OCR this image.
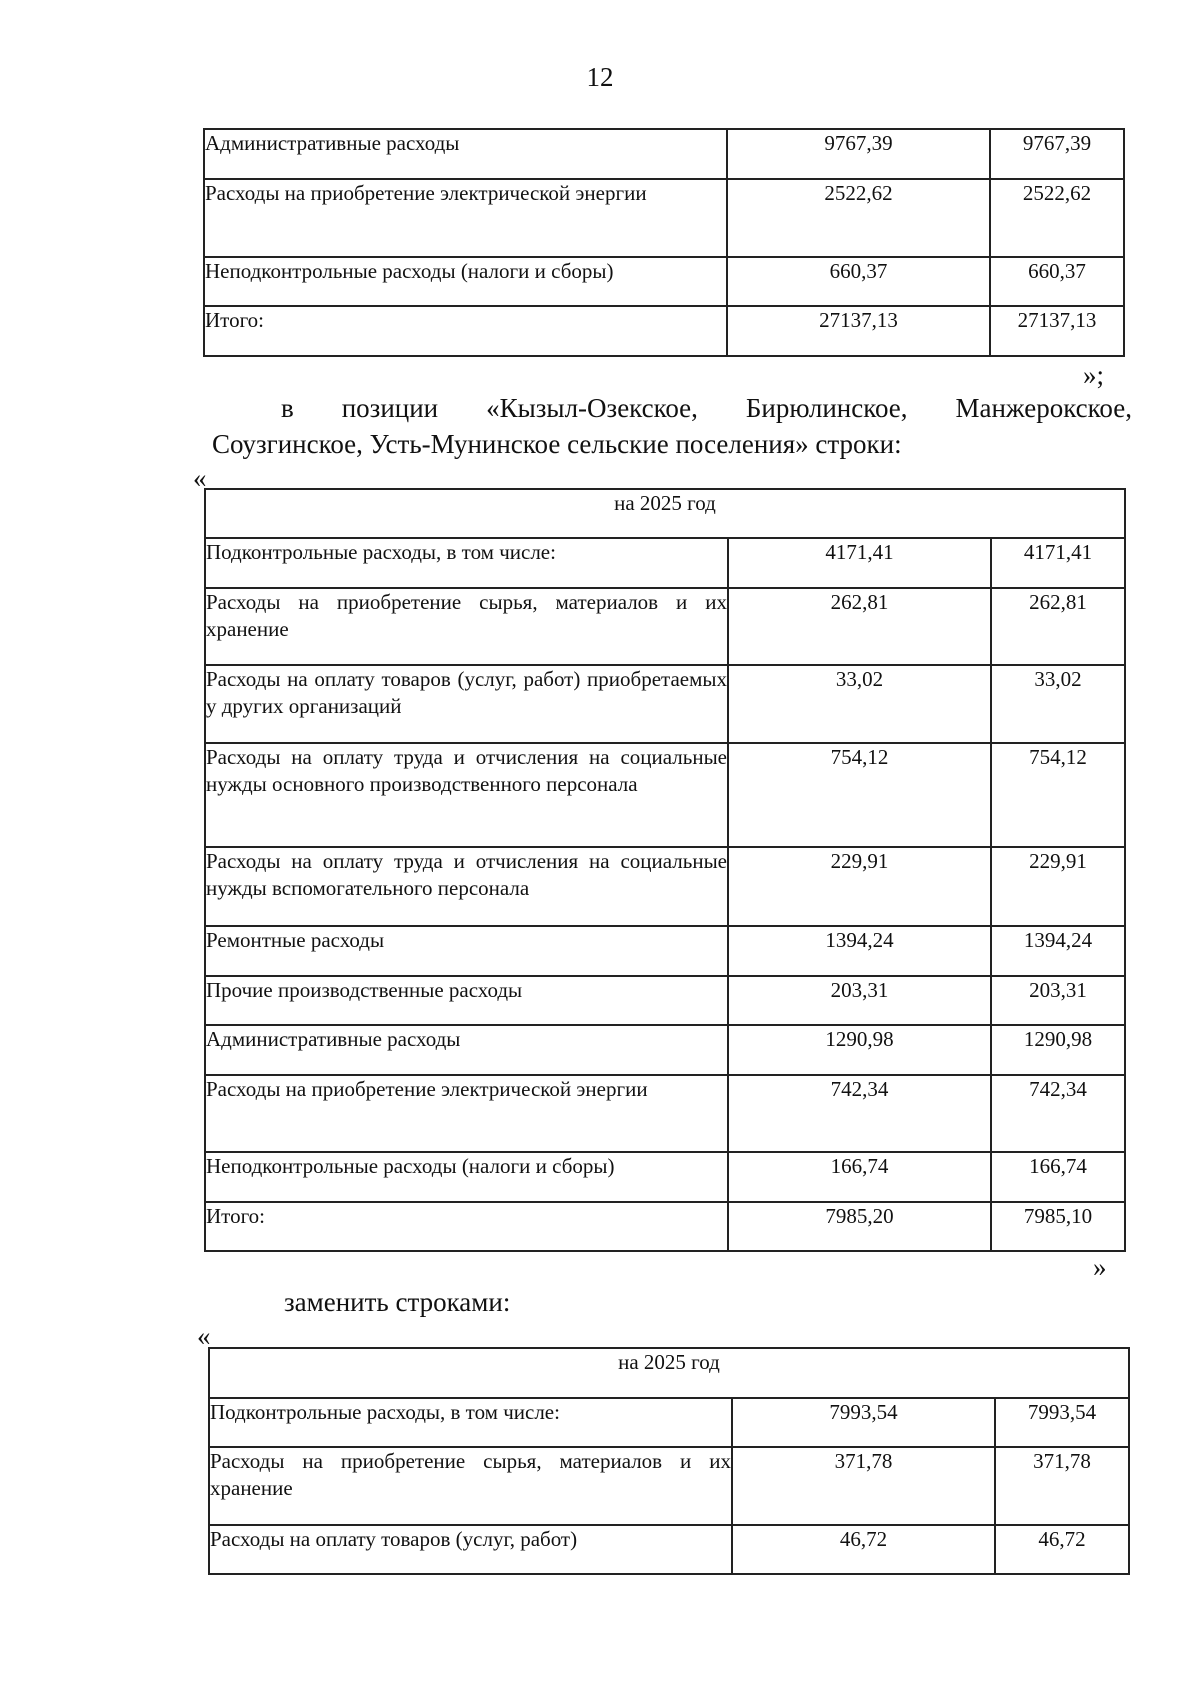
12
Административные расходы	9767,39	9767,39
Расходы на приобретение электрической энергии	2522,62	2522,62
Неподконтрольные расходы (налоги и сборы)	660,37	660,37
Итого:	27137,13	27137,13
»;
в позиции «Кызыл-Озекское, Бирюлинское, Манжерокское,
Соузгинское, Усть-Мунинское сельские поселения» строки:
«
на 2025 год		
Подконтрольные расходы, в том числе:	4171,41	4171,41
Расходы на приобретение сырья, материалов и их хранение	262,81	262,81
Расходы на оплату товаров (услуг, работ) приобретаемых у других организаций	33,02	33,02
Расходы на оплату труда и отчисления на социальные нужды основного производственного персонала	754,12	754,12
Расходы на оплату труда и отчисления на социальные нужды вспомогательного персонала	229,91	229,91
Ремонтные расходы	1394,24	1394,24
Прочие производственные расходы	203,31	203,31
Административные расходы	1290,98	1290,98
Расходы на приобретение электрической энергии	742,34	742,34
Неподконтрольные расходы (налоги и сборы)	166,74	166,74
Итого:	7985,20	7985,10
»
заменить строками:
«
на 2025 год		
Подконтрольные расходы, в том числе:	7993,54	7993,54
Расходы на приобретение сырья, материалов и их хранение	371,78	371,78
Расходы на оплату товаров (услуг, работ)	46,72	46,72
